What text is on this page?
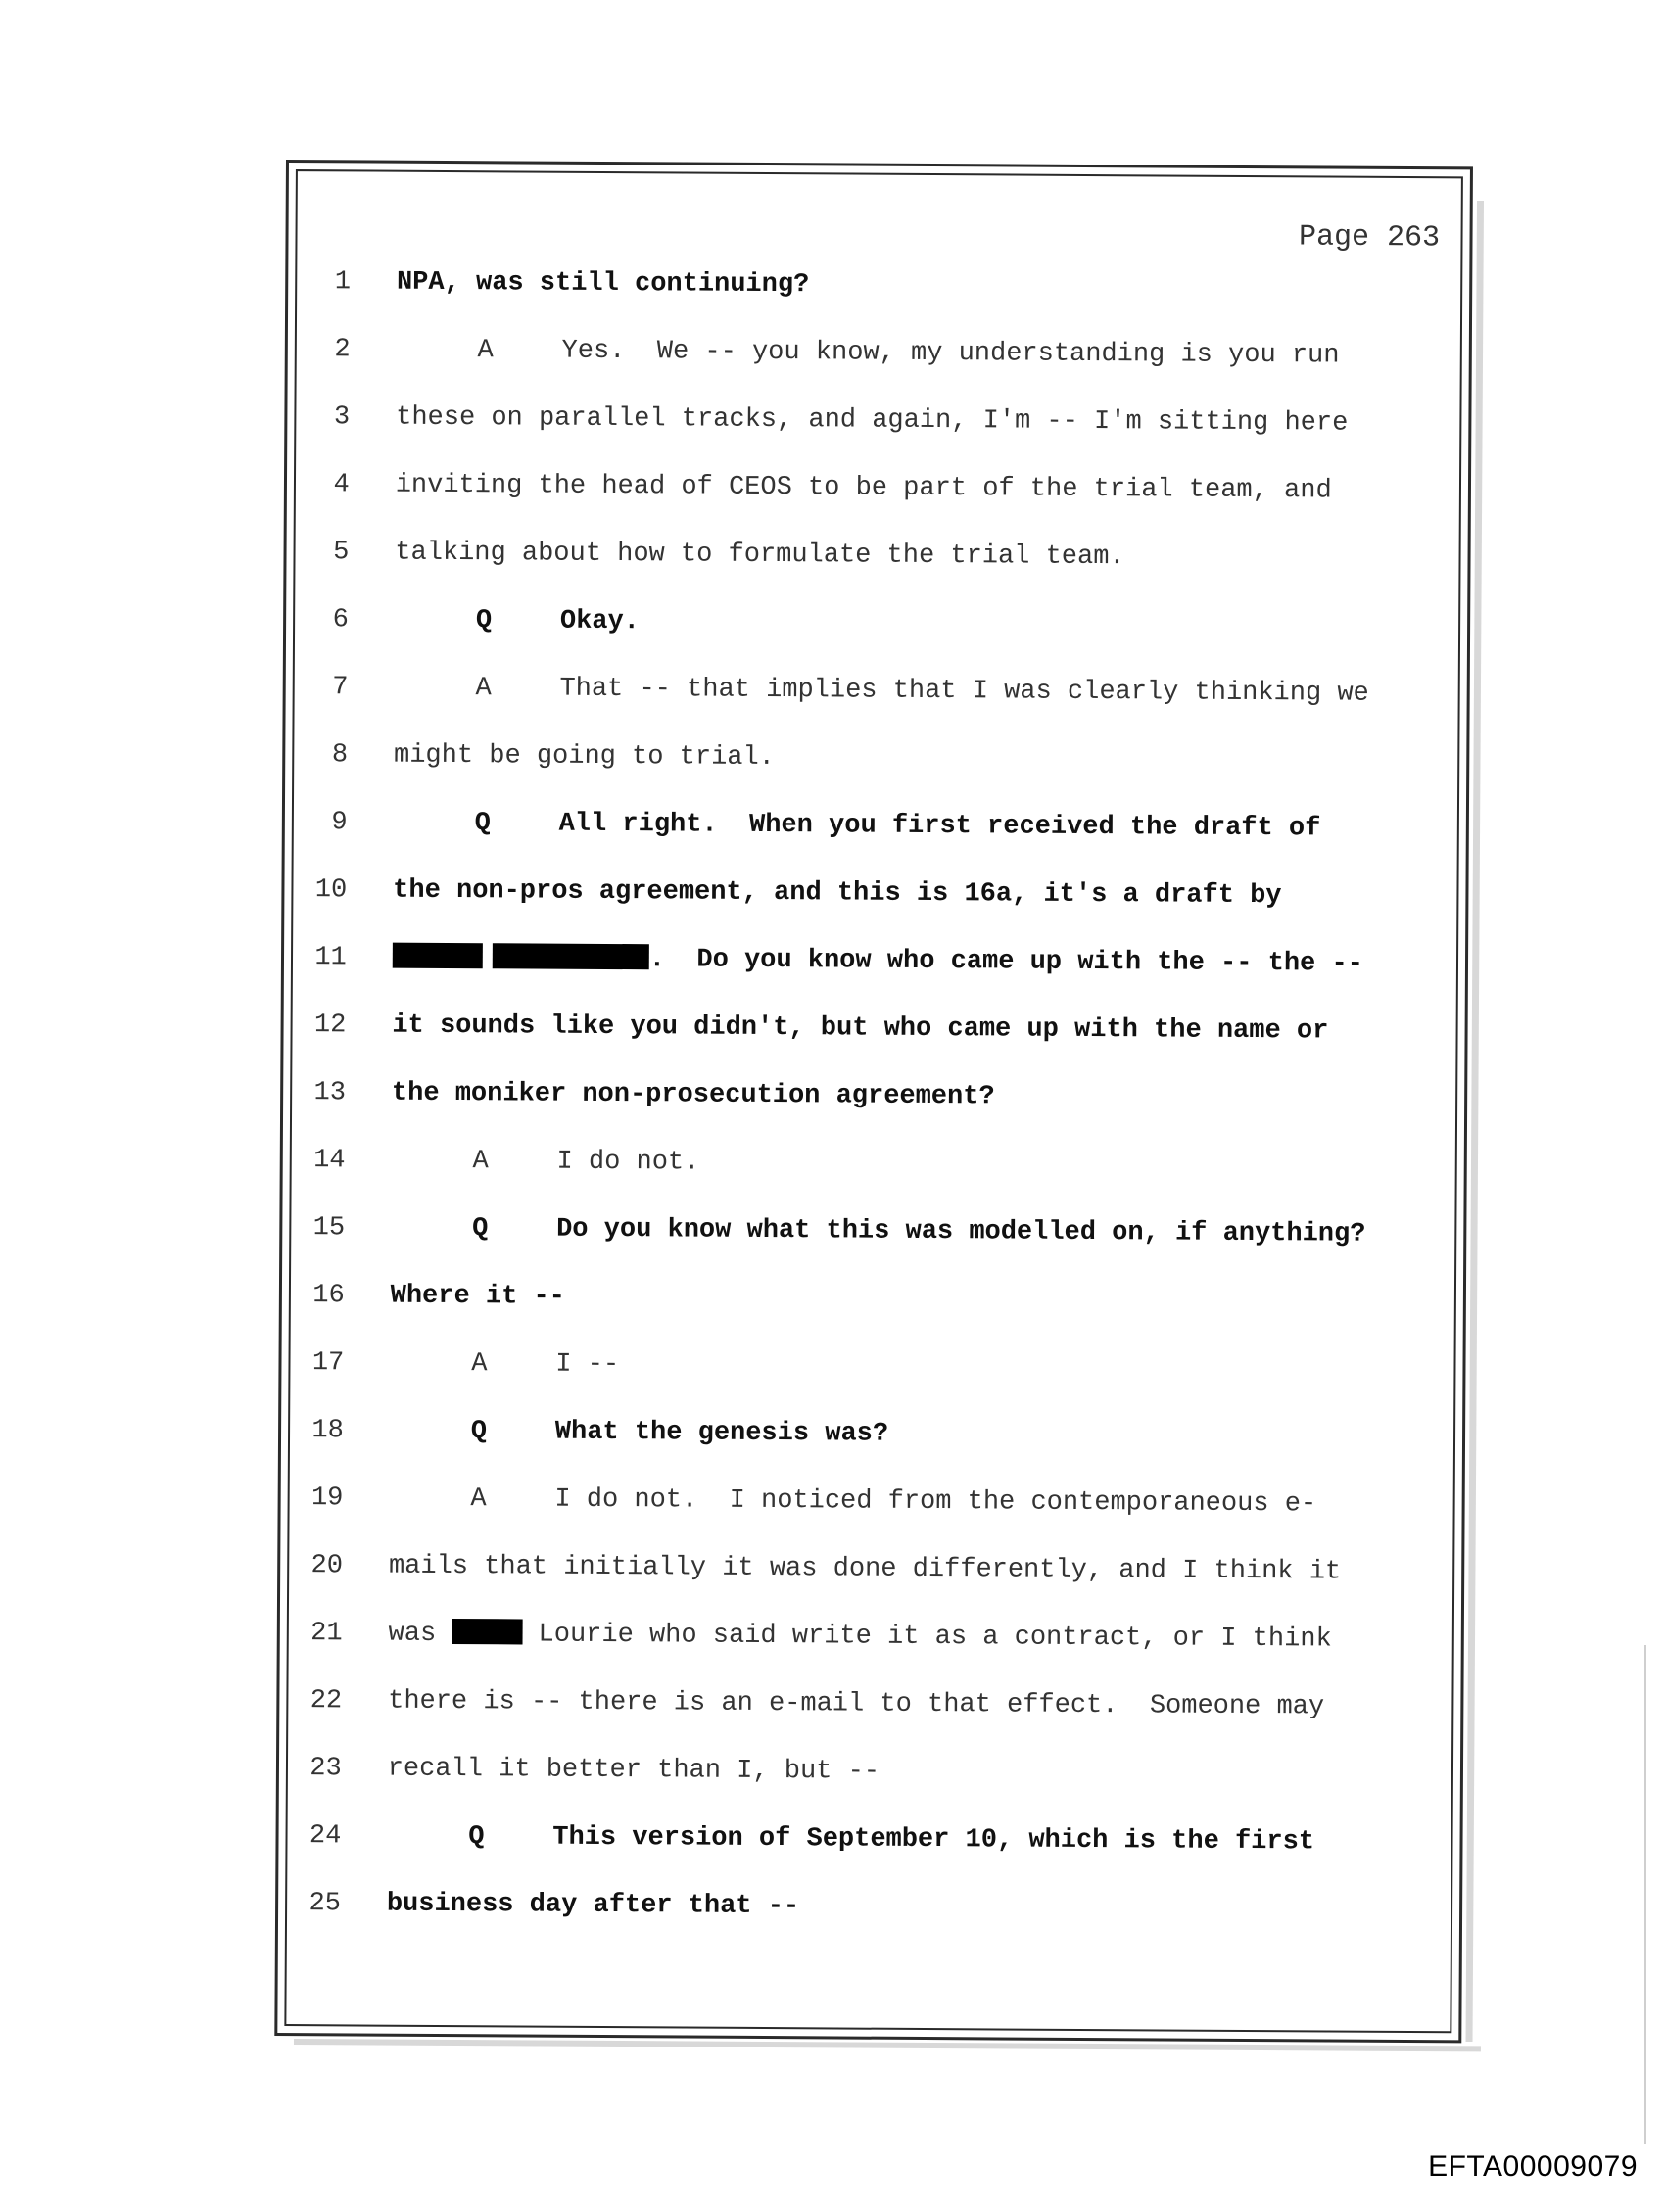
Page 263
1 NPA, was still continuing?
2	A	Yes.  We -- you know, my understanding is you run
3 these on parallel tracks, and again, I'm -- I'm sitting here
4 inviting the head of CEOS to be part of the trial team, and
5 talking about how to formulate the trial team.
6	Q	Okay.
7	A	That -- that implies that I was clearly thinking we
8 might be going to trial.
9	Q	All right.  When you first received the draft of
10 the non-pros agreement, and this is 16a, it's a draft by
11	.  Do you know who came up with the -- the --
12 it sounds like you didn't, but who came up with the name or
13 the moniker non-prosecution agreement?
14	A	I do not.
15	Q	Do you know what this was modelled on, if anything?
16 Where it --
17	A	I --
18	Q	What the genesis was?
19	A	I do not.  I noticed from the contemporaneous e-
20 mails that initially it was done differently, and I think it
21 was	Lourie who said write it as a contract, or I think
22 there is -- there is an e-mail to that effect.  Someone may
23 recall it better than I, but --
24	Q	This version of September 10, which is the first
25 business day after that --
EFTA00009079
